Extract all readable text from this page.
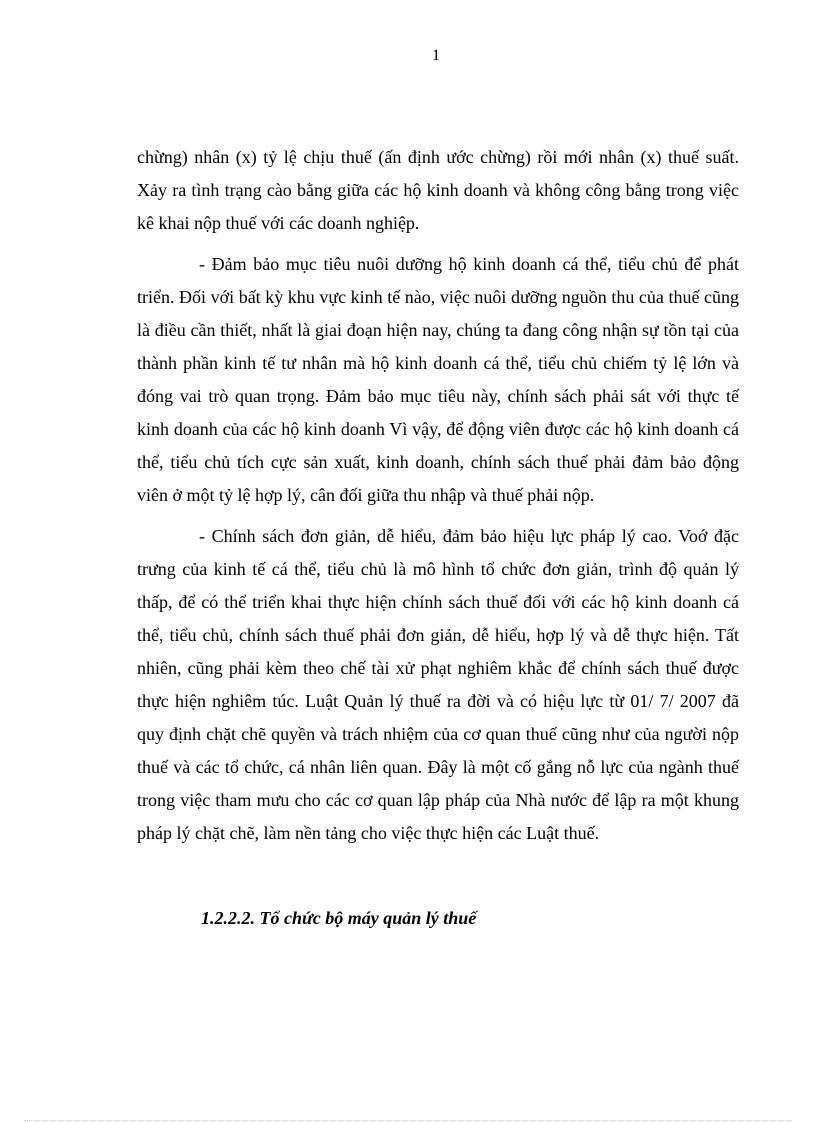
1

chừng) nhân (x) tỷ lệ chịu thuế (ấn định ước chừng) rồi mới nhân (x) thuế suất. Xảy ra tình trạng cào bằng giữa các hộ kinh doanh và không công bằng trong việc kê khai nộp thuế với các doanh nghiệp.

- Đảm bảo mục tiêu nuôi dưỡng hộ kinh doanh cá thể, tiểu chủ để phát triển. Đối với bất kỳ khu vực kinh tế nào, việc nuôi dưỡng nguồn thu của thuế cũng là điều cần thiết, nhất là giai đoạn hiện nay, chúng ta đang công nhận sự tồn tại của thành phần kinh tế tư nhân mà hộ kinh doanh cá thể, tiểu chủ chiếm tỷ lệ lớn và đóng vai trò quan trọng. Đảm bảo mục tiêu này, chính sách phải sát với thực tế kinh doanh của các hộ kinh doanh Vì vậy, để động viên được các hộ kinh doanh cá thể, tiểu chủ tích cực sản xuất, kinh doanh, chính sách thuế phải đảm bảo động viên ở một tỷ lệ hợp lý, cân đối giữa thu nhập và thuế phải nộp.

- Chính sách đơn giản, dễ hiểu, đảm bảo hiệu lực pháp lý cao. Voớ đặc trưng của kinh tế cá thể, tiểu chủ là mô hình tổ chức đơn giản, trình độ quản lý thấp, để có thể triển khai thực hiện chính sách thuế đối với các hộ kinh doanh cá thể, tiểu chủ, chính sách thuế phải đơn giản, dễ hiểu, hợp lý và dễ thực hiện. Tất nhiên, cũng phải kèm theo chế tài xử phạt nghiêm khắc để chính sách thuế được thực hiện nghiêm túc. Luật Quản lý thuế ra đời và có hiệu lực từ 01/ 7/ 2007 đã quy định chặt chẽ quyền và trách nhiệm của cơ quan thuế cũng như của người nộp thuế và các tổ chức, cá nhân liên quan. Đây là một cố gắng nỗ lực của ngành thuế trong việc tham mưu cho các cơ quan lập pháp của Nhà nước để lập ra một khung pháp lý chặt chẽ, làm nền tảng cho việc thực hiện các Luật thuế.

1.2.2.2. Tổ chức bộ máy quản lý thuế
